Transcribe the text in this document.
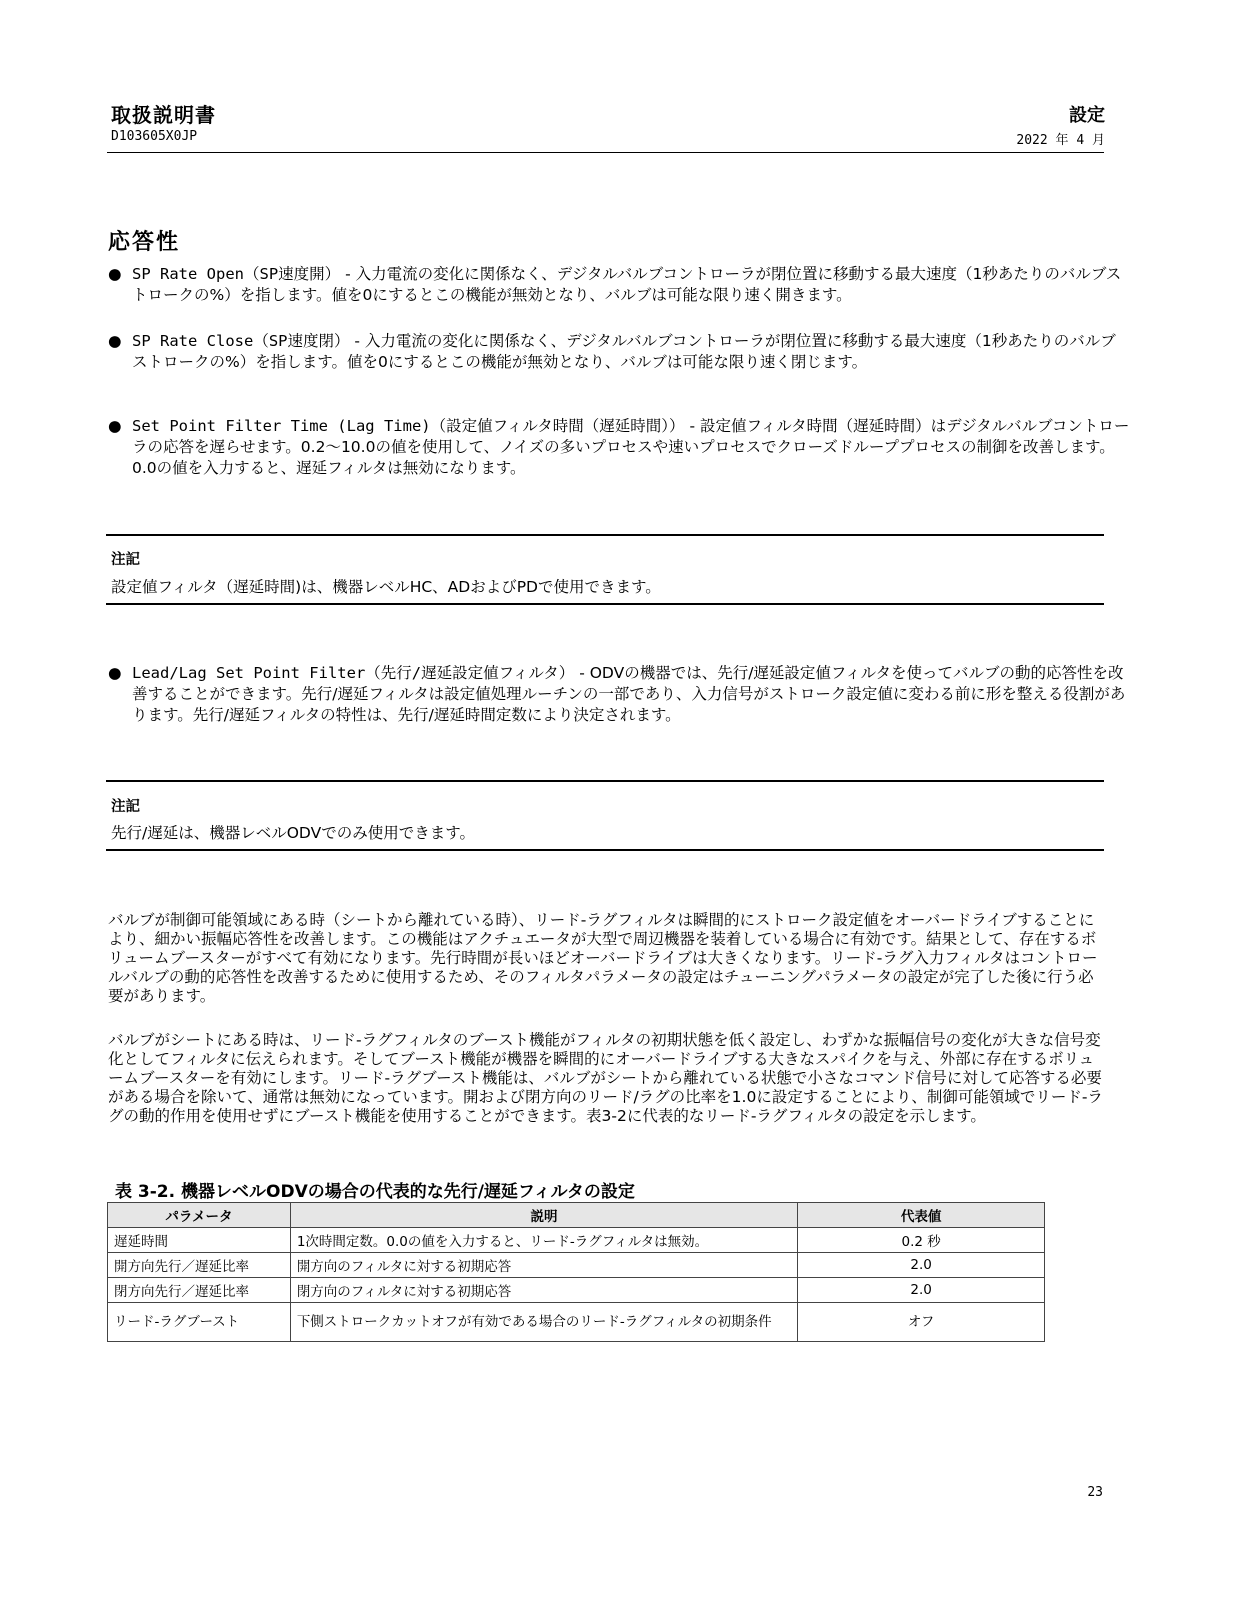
取扱説明書
D103605X0JP
設定
2022 年 4 月
応答性
● SP Rate Open（SP速度開） - 入力電流の変化に関係なく、デジタルバルブコントローラが閉位置に移動する最大速度（1秒あたりのバルブストロークの%）を指します。値を0にするとこの機能が無効となり、バルブは可能な限り速く開きます。
● SP Rate Close（SP速度閉） - 入力電流の変化に関係なく、デジタルバルブコントローラが閉位置に移動する最大速度（1秒あたりのバルブストロークの%）を指します。値を0にするとこの機能が無効となり、バルブは可能な限り速く閉じます。
● Set Point Filter Time (Lag Time)（設定値フィルタ時間（遅延時間）） - 設定値フィルタ時間（遅延時間）はデジタルバルブコントローラの応答を遅らせます。0.2～10.0の値を使用して、ノイズの多いプロセスや速いプロセスでクローズドループプロセスの制御を改善します。0.0の値を入力すると、遅延フィルタは無効になります。
注記
設定値フィルタ（遅延時間)は、機器レベルHC、ADおよびPDで使用できます。
● Lead/Lag Set Point Filter（先行/遅延設定値フィルタ） - ODVの機器では、先行/遅延設定値フィルタを使ってバルブの動的応答性を改善することができます。先行/遅延フィルタは設定値処理ルーチンの一部であり、入力信号がストローク設定値に変わる前に形を整える役割があります。先行/遅延フィルタの特性は、先行/遅延時間定数により決定されます。
注記
先行/遅延は、機器レベルODVでのみ使用できます。
バルブが制御可能領域にある時（シートから離れている時）、リード-ラグフィルタは瞬間的にストローク設定値をオーバードライブすることにより、細かい振幅応答性を改善します。この機能はアクチュエータが大型で周辺機器を装着している場合に有効です。結果として、存在するボリュームブースターがすべて有効になります。先行時間が長いほどオーバードライブは大きくなります。リード-ラグ入力フィルタはコントロールバルブの動的応答性を改善するために使用するため、そのフィルタパラメータの設定はチューニングパラメータの設定が完了した後に行う必要があります。
バルブがシートにある時は、リード-ラグフィルタのブースト機能がフィルタの初期状態を低く設定し、わずかな振幅信号の変化が大きな信号変化としてフィルタに伝えられます。そしてブースト機能が機器を瞬間的にオーバードライブする大きなスパイクを与え、外部に存在するボリュームブースターを有効にします。リード-ラグブースト機能は、バルブがシートから離れている状態で小さなコマンド信号に対して応答する必要がある場合を除いて、通常は無効になっています。開および閉方向のリード/ラグの比率を1.0に設定することにより、制御可能領域でリード-ラグの動的作用を使用せずにブースト機能を使用することができます。表3-2に代表的なリード-ラグフィルタの設定を示します。
表 3-2. 機器レベルODVの場合の代表的な先行/遅延フィルタの設定
パラメータ	説明	代表値
遅延時間	1次時間定数。0.0の値を入力すると、リード-ラグフィルタは無効。	0.2 秒
開方向先行／遅延比率	開方向のフィルタに対する初期応答	2.0
閉方向先行／遅延比率	閉方向のフィルタに対する初期応答	2.0
リード-ラグブースト	下側ストロークカットオフが有効である場合のリード-ラグフィルタの初期条件	オフ
23
